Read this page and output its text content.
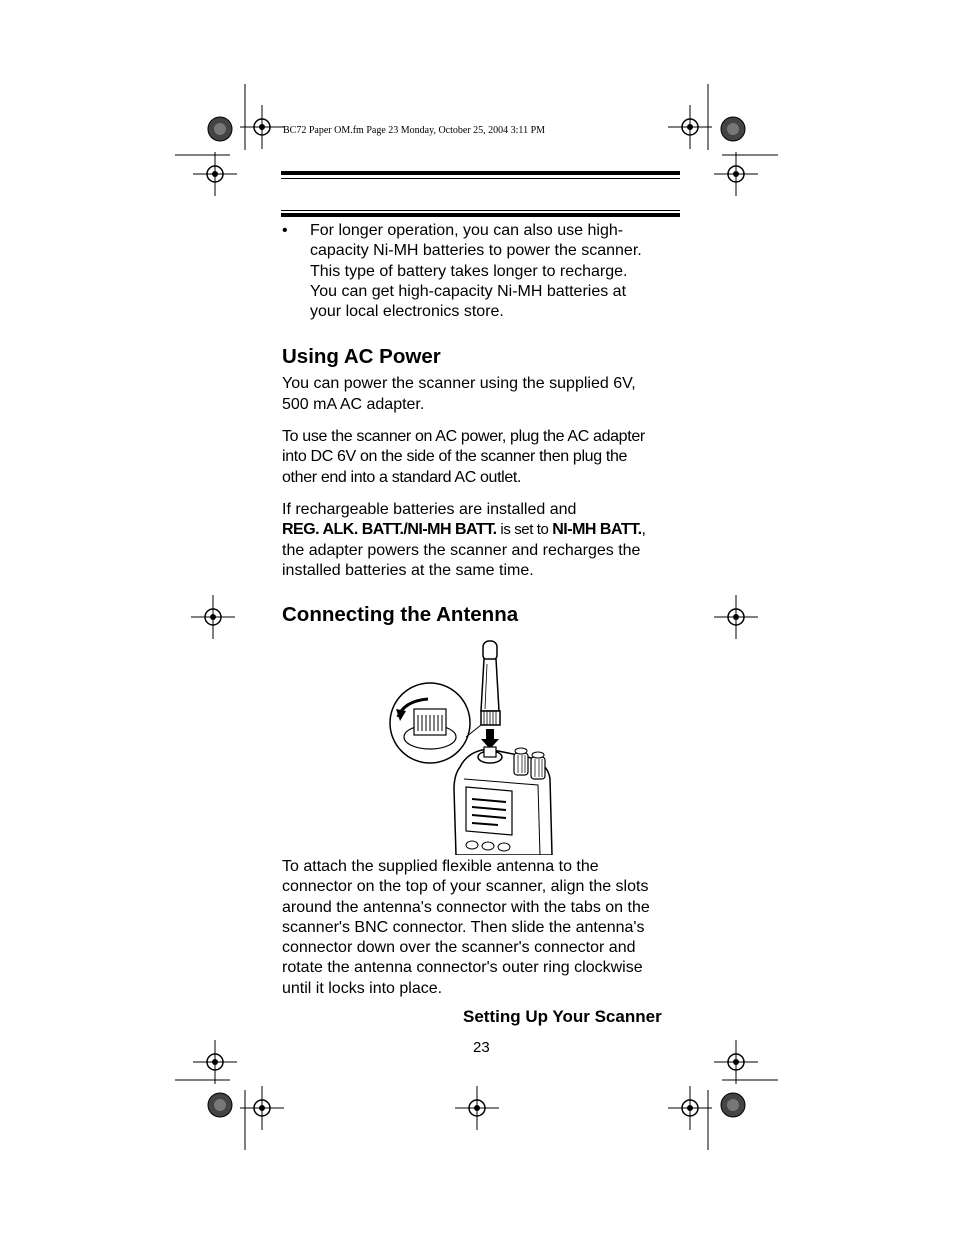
BC72 Paper OM.fm Page 23 Monday, October 25, 2004 3:11 PM
• For longer operation, you can also use high-
capacity Ni-MH batteries to power the scanner.
This type of battery takes longer to recharge.
You can get high-capacity Ni-MH batteries at
your local electronics store.
Using AC Power

You can power the scanner using the supplied 6V,
500 mA AC adapter.

To use the scanner on AC power, plug the AC adapter
into DC 6V on the side of the scanner then plug the
other end into a standard AC outlet.

If rechargeable batteries are installed and
REG. ALK. BATT./NI-MH BATT. is set to NI-MH BATT.,
the adapter powers the scanner and recharges the
installed batteries at the same time.

Connecting the Antenna

To attach the supplied flexible antenna to the
connector on the top of your scanner, align the slots
around the antenna's connector with the tabs on the
scanner's BNC connector. Then slide the antenna's
connector down over the scanner's connector and
rotate the antenna connector's outer ring clockwise
until it locks into place.

Setting Up Your Scanner
23
